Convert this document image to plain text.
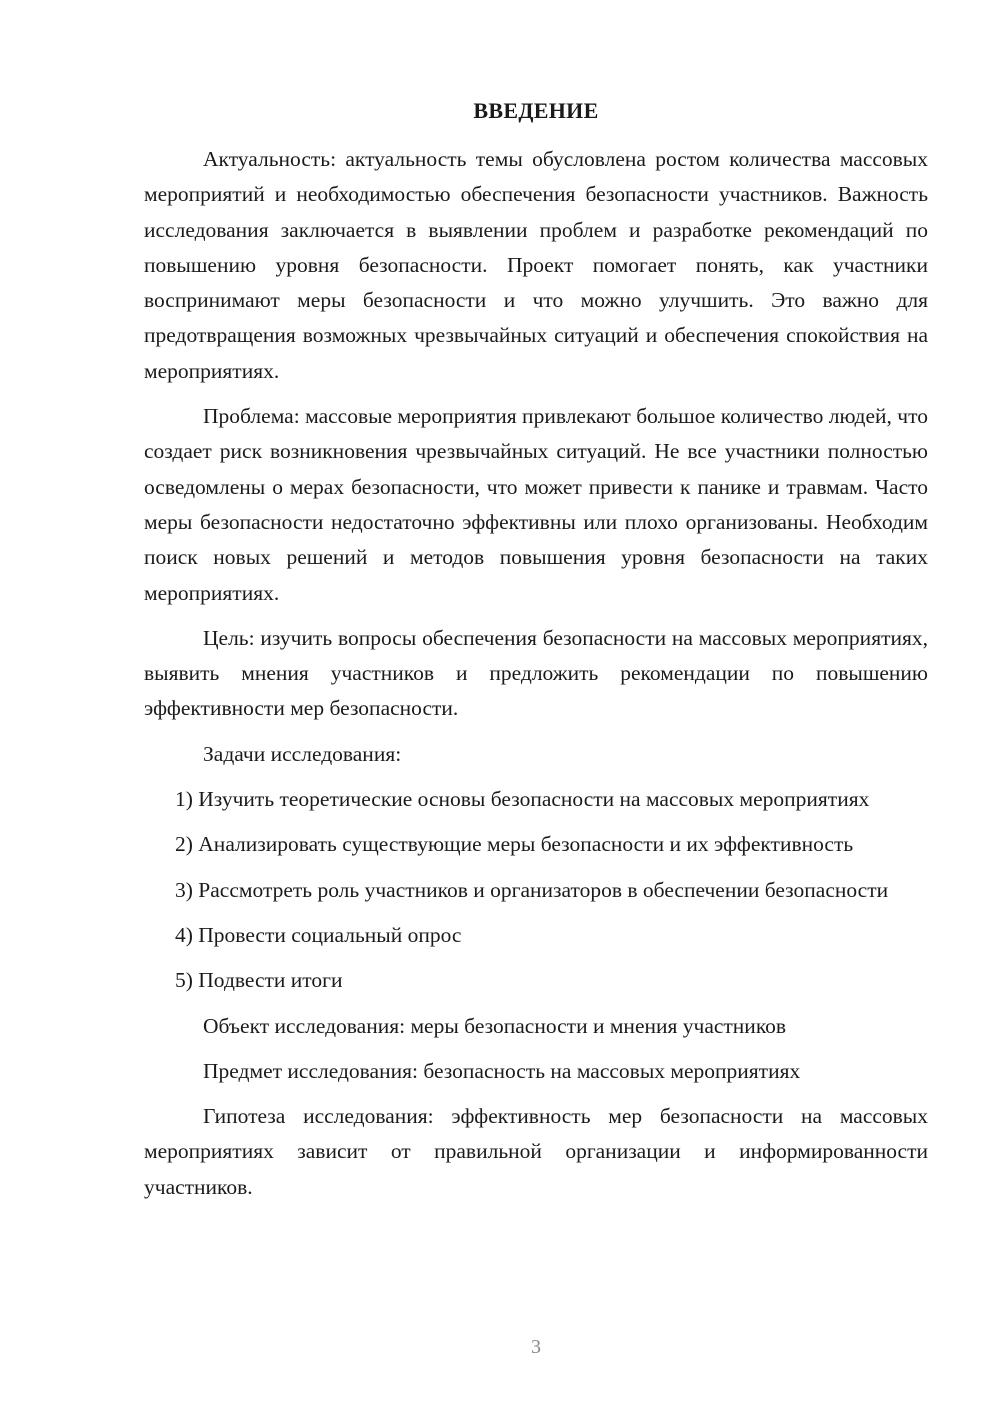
ВВЕДЕНИЕ

Актуальность: актуальность темы обусловлена ростом количества массовых мероприятий и необходимостью обеспечения безопасности участников. Важность исследования заключается в выявлении проблем и разработке рекомендаций по повышению уровня безопасности. Проект помогает понять, как участники воспринимают меры безопасности и что можно улучшить. Это важно для предотвращения возможных чрезвычайных ситуаций и обеспечения спокойствия на мероприятиях.

Проблема: массовые мероприятия привлекают большое количество людей, что создает риск возникновения чрезвычайных ситуаций. Не все участники полностью осведомлены о мерах безопасности, что может привести к панике и травмам. Часто меры безопасности недостаточно эффективны или плохо организованы. Необходим поиск новых решений и методов повышения уровня безопасности на таких мероприятиях.

Цель: изучить вопросы обеспечения безопасности на массовых мероприятиях, выявить мнения участников и предложить рекомендации по повышению эффективности мер безопасности.

Задачи исследования:

1) Изучить теоретические основы безопасности на массовых мероприятиях

2) Анализировать существующие меры безопасности и их эффективность

3) Рассмотреть роль участников и организаторов в обеспечении безопасности

4) Провести социальный опрос

5) Подвести итоги

Объект исследования: меры безопасности и мнения участников

Предмет исследования: безопасность на массовых мероприятиях

Гипотеза исследования: эффективность мер безопасности на массовых мероприятиях зависит от правильной организации и информированности участников.

3
